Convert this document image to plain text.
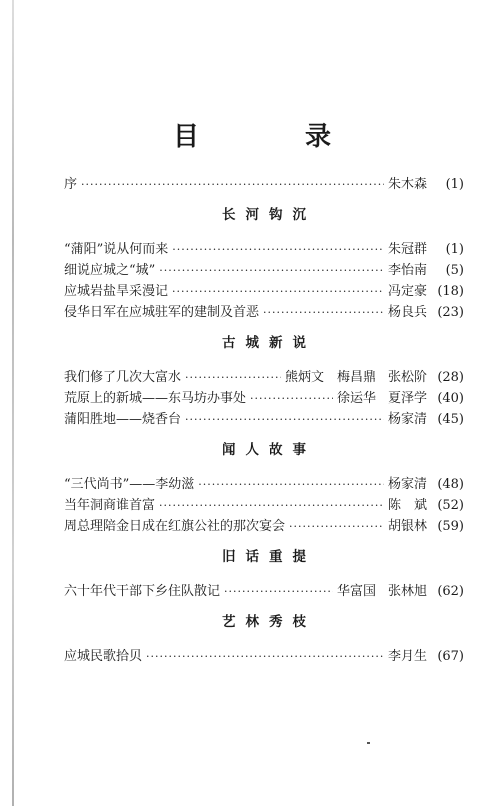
目　录
序 ·····	朱木森	(1)
长河钩沉
“蒲阳”说从何而来 ·····	朱冠群	(1)
细说应城之“城” ·····	李怡南	(5)
应城岩盐旱采漫记 ·····	冯定豪 (18)
侵华日军在应城驻军的建制及首恶 ·····	杨良兵 (23)
古城新说
我们修了几次大富水 ·····	熊炳文　梅昌鼎 张松阶 (28)
荒原上的新城——东马坊办事处 ·····	徐运华 夏泽学 (40)
蒲阳胜地——烧香台 ·····	杨家清 (45)
闻人故事
“三代尚书”——李幼滋 ·····	杨家清 (48)
当年洞商谁首富 ·····	陈　斌 (52)
周总理陪金日成在红旗公社的那次宴会 ·····	胡银林 (59)
旧话重提
六十年代干部下乡住队散记 ·····	华富国 张林旭 (62)
艺林秀枝
应城民歌拾贝 ·····	李月生 (67)
